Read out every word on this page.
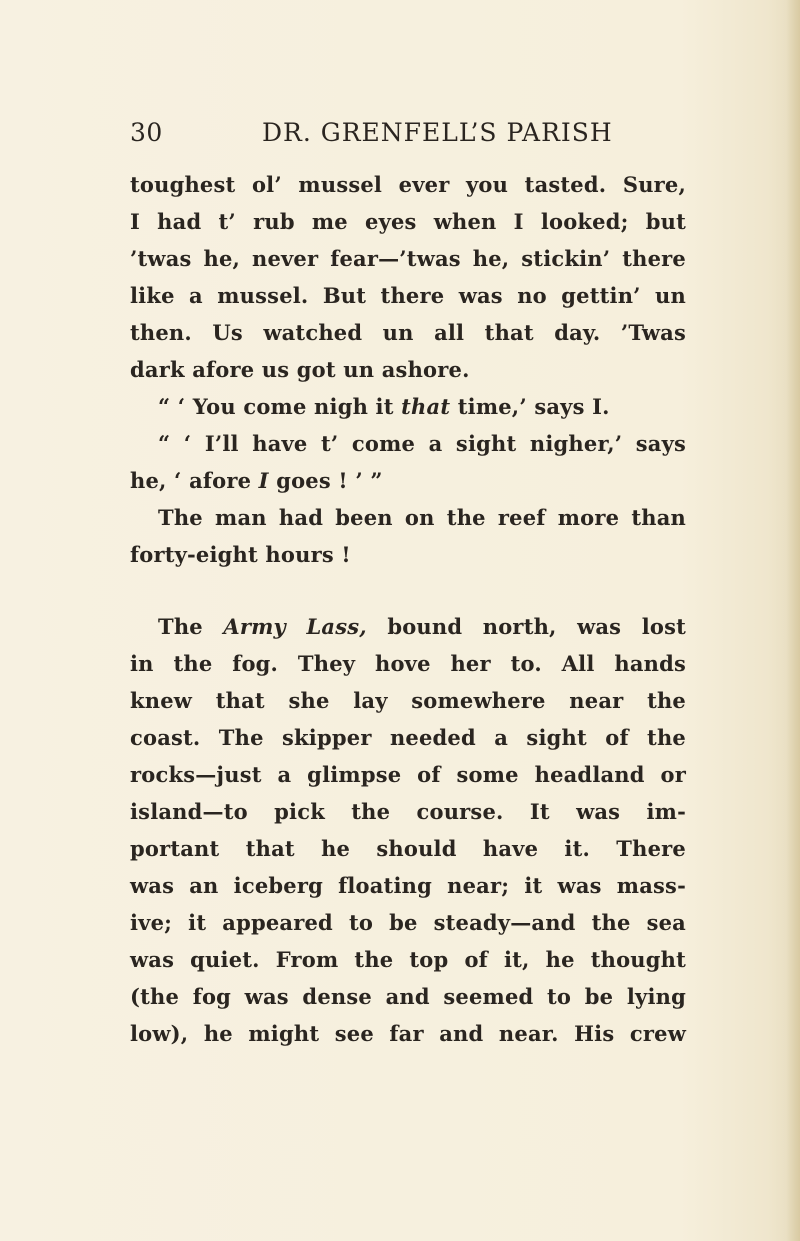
30	DR. GRENFELL’S PARISH
toughest ol’ mussel ever you tasted. Sure,
I had t’ rub me eyes when I looked; but
’twas he, never fear—’twas he, stickin’ there
like a mussel. But there was no gettin’ un
then. Us watched un all that day. ’Twas
dark afore us got un ashore.
“ ‘ You come nigh it that time,’ says I.
“ ‘ I’ll have t’ come a sight nigher,’ says
he, ‘ afore I goes ! ’ ”
The man had been on the reef more than
forty-eight hours !
The Army Lass, bound north, was lost
in the fog. They hove her to. All hands
knew that she lay somewhere near the
coast. The skipper needed a sight of the
rocks—just a glimpse of some headland or
island—to pick the course. It was im-
portant that he should have it. There
was an iceberg floating near; it was mass-
ive; it appeared to be steady—and the sea
was quiet. From the top of it, he thought
(the fog was dense and seemed to be lying
low), he might see far and near. His crew
